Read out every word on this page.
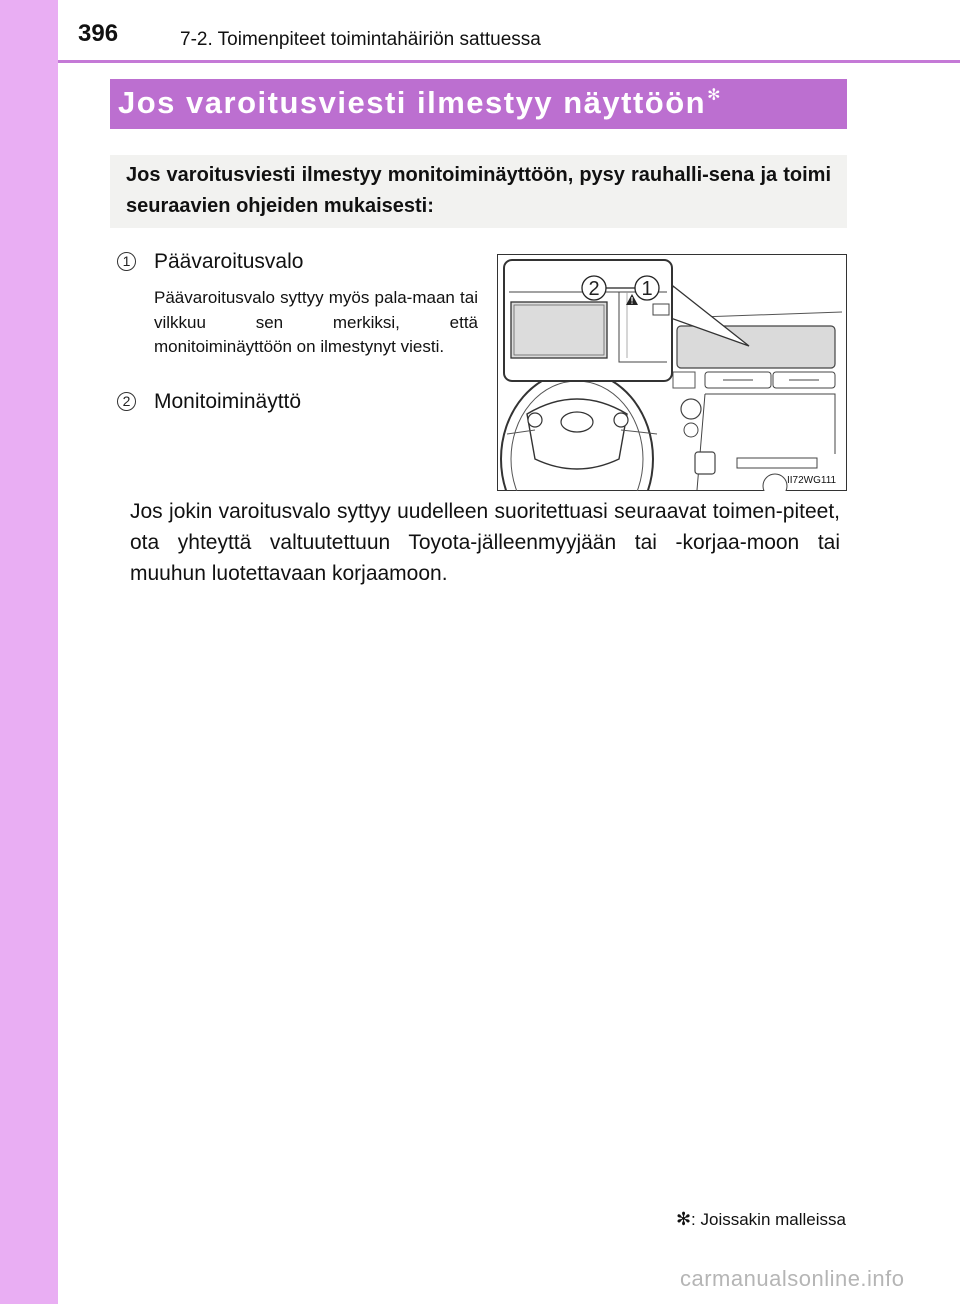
396	7-2. Toimenpiteet toimintahäiriön sattuessa
Jos varoitusviesti ilmestyy näyttöön✻
Jos varoitusviesti ilmestyy monitoiminäyttöön, pysy rauhalli-sena ja toimi seuraavien ohjeiden mukaisesti:
1 Päävaroitusvalo
Päävaroitusvalo syttyy myös pala-maan tai vilkkuu sen merkiksi, että monitoiminäyttöön on ilmestynyt viesti.
2 Monitoiminäyttö
2 1
II72WG111
Jos jokin varoitusvalo syttyy uudelleen suoritettuasi seuraavat toimen-piteet, ota yhteyttä valtuutettuun Toyota-jälleenmyyjään tai -korjaa-moon tai muuhun luotettavaan korjaamoon.
✻: Joissakin malleissa
carmanualsonline.info
